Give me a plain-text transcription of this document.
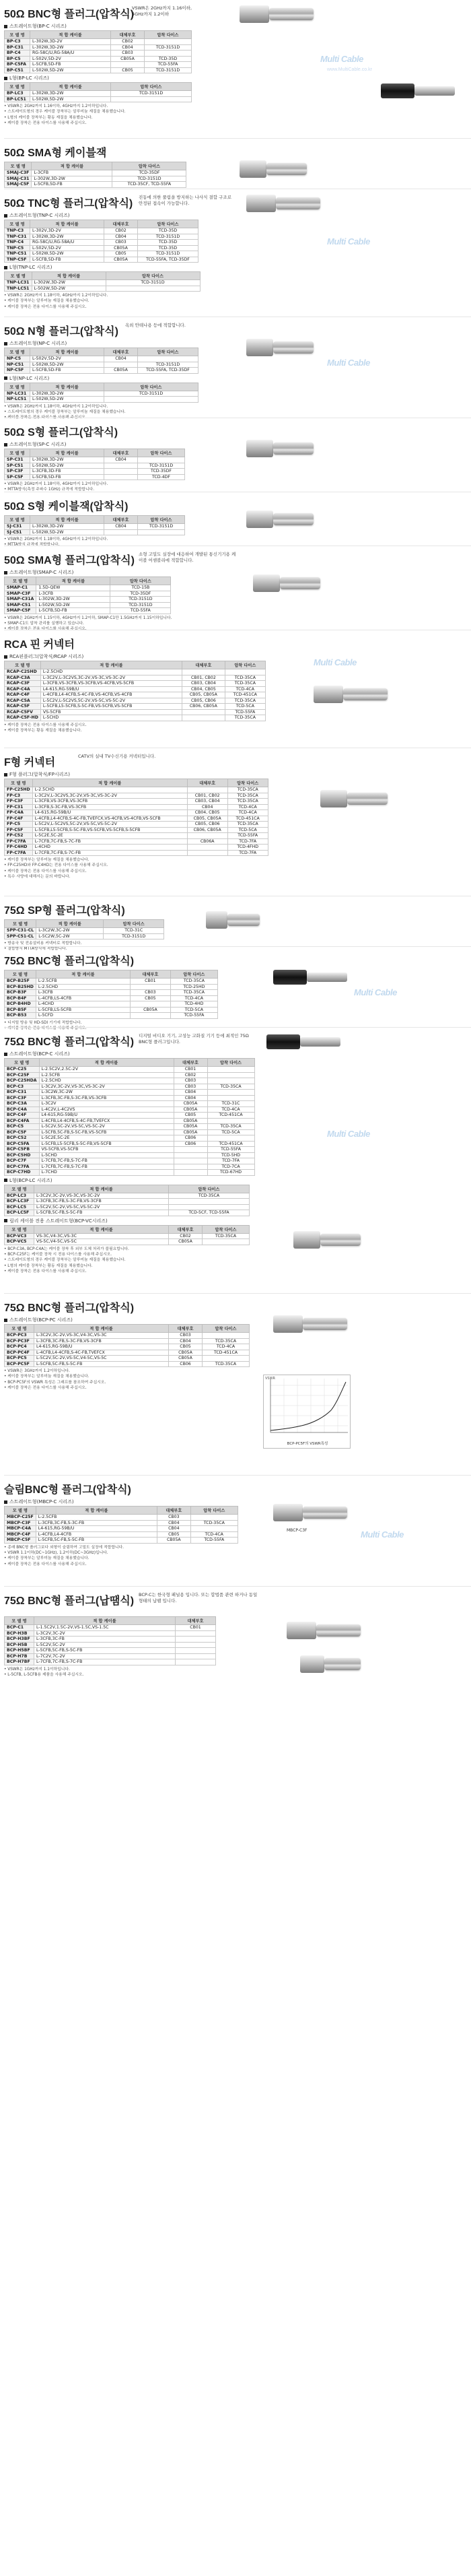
50Ω BNC형 플러그(압착식)
VSWR은 2GHz까지 1.16이하,
4GHz까지 1.2이하
스트레이트형(BP-C 시리즈)
모 델 명	적 합 케이블	대체부호	압착 다이스
BP-C3	L-302W,3D-2V	CB02	
BP-C31	L-302W,3D-2W	CB04	TCD-3151D
BP-C4	RG-58C/U,RG-58A/U	CB03	
BP-C5	L-502V,5D-2V	CB05A	TCD-35D
BP-C5FA	L-5CFB,5D-FB		TCD-55FA
BP-C51	L-502W,5D-2W	CB05	TCD-3151D
L형(BP-LC 시리즈)
모 델 명	적 합 케이블	압착 다이스
BP-LC3	L-302W,3D-2W	TCD-3151D
BP-LC51	L-502W,5D-2W	
• VSWR은 2GHz까지 1.16이하, 4GHz까지 1.2이하입니다.
• 스트레이트형의 경우 케이블 장착부는 알루미늄 재질을 채용했습니다.
• L형의 케이블 장착부는 황동 재질을 채용했습니다.
• 케이블 장착은 전용 다이스를 사용해 주십시오.
Multi Cable
www.MultiCable.co.kr
50Ω SMA형 케이블잭
모 델 명	적 합 케이블	압착 다이스
SMAJ-C3F	L-3CFB	TCD-35DF
SMAJ-C31	L-302W,3D-2W	TCD-3151D
SMAJ-C5F	L-5CFB,5D-FB	TCD-35CF, TCD-55FA
50Ω TNC형 플러그(압착식)
진동에 의한 풀림을 방지하는 나사식 결합 구조로 안정된 접속이 가능합니다.
스트레이트형(TNP-C 시리즈)
모 델 명	적 합 케이블	대체부호	압착 다이스
TNP-C3	L-302V,3D-2V	CB02	TCD-35D
TNP-C31	L-302W,3D-2W	CB04	TCD-3151D
TNP-C4	RG-58C/U,RG-58A/U	CB03	TCD-35D
TNP-C5	L-502V,5D-2V	CB05A	TCD-35D
TNP-C51	L-502W,5D-2W	CB05	TCD-3151D
TNP-C5F	L-5CFB,5D-FB	CB05A	TCD-55FA, TCD-35DF
L형(TNP-LC 시리즈)
모 델 명	적 합 케이블	압착 다이스
TNP-LC31	L-302W,3D-2W	TCD-3151D
TNP-LC51	L-502W,5D-2W	
• VSWR은 2GHz까지 1.18이하, 4GHz까지 1.2이하입니다.
• 케이블 장착부는 알루미늄 재질을 채용했습니다.
• 케이블 장착은 전용 다이스를 사용해 주십시오.
Multi Cable
50Ω N형 플러그(압착식)
옥외 안테나용 등에 적합합니다.
스트레이트형(NP-C 시리즈)
모 델 명	적 합 케이블	대체부호	압착 다이스
NP-C5	L-502V,5D-2V	CB04	
NP-C51	L-502W,5D-2W		TCD-3151D
NP-C5F	L-5CFB,5D-FB	CB05A	TCD-55FA, TCD-35DF
L형(NP-LC 시리즈)
모 델 명	적 합 케이블	압착 다이스
NP-LC31	L-302W,3D-2W	TCD-3151D
NP-LC51	L-502W,5D-2W	
• VSWR은 2GHz까지 1.18이하, 4GHz까지 1.2이하입니다.
• 스트레이트형의 경우 케이블 장착부는 알루미늄 재질을 채용했습니다.
• 케이블 장착은 전용 다이스를 사용해 주십시오.
Multi Cable
50Ω S형 플러그(압착식)
스트레이트형(SP-C 시리즈)
모 델 명	적 합 케이블	대체부호	압착 다이스
SP-C31	L-302W,3D-2W	CB04	
SP-C51	L-502W,5D-2W		TCD-3151D
SP-C3F	L-3CFB,3D-FB		TCD-35DF
SP-C5F	L-5CFB,5D-FB		TCD-4DF
• VSWR은 2GHz까지 1.18이하, 4GHz까지 1.2이하입니다.
• MTTA방식(측정 주파수 1GHz) 규격에 적합합니다.
50Ω S형 케이블잭(압착식)
모 델 명	적 합 케이블	대체부호	압착 다이스
SJ-C31	L-302W,3D-2W	CB04	TCD-3151D
SJ-C51	L-502W,5D-2W		
• VSWR은 2GHz까지 1.18이하, 4GHz까지 1.2이하입니다.
• MTTA방식 규격에 적합합니다.
50Ω SMA형 플러그(압착식)
소형 고밀도 실장에 대응하여 개발된 통신기기용 케이블 어셈블리에 적합합니다.
스트레이트형(SMAP-C 시리즈)
모 델 명	적 합 케이블	압착 다이스
SMAP-C1	1.5D-QEW	TCD-15B
SMAP-C3F	L-3CFB	TCD-35DF
SMAP-C31A	L-302W,3D-2W	TCD-3151D
SMAP-C51	L-502W,5D-2W	TCD-3151D
SMAP-C5F	L-5CFB,5D-FB	TCD-55FA
• VSWR은 2GHz까지 1.15이하, 4GHz까지 1.2이하, SMAP-C1만 1.5GHz까지 1.15이하입니다.
• SMAP-C1도 압착 관리를 실행하고 있습니다.
• 케이블 장착은 전용 다이스를 사용해 주십시오.
RCA 핀 커넥터
RCA핀플러그(압착식/RCAP 시리즈)
모 델 명	적 합 케이블	대체부호	압착 다이스
RCAP-C2SHD	L-2.5CHD		
RCAP-C3A	L-3C2V,L-3C2VS,3C-2V,VS-3C,VS-3C-2V	CB01, CB02	TCD-35CA
RCAP-C3F	L-3CFB,VS-3CFB,VS-3CFB,VS-4CFB,VS-5CFB	CB03, CB04	TCD-35CA
RCAP-C4A	L4-615,RG-59B/U	CB04, CB05	TCD-4CA
RCAP-C4F	L-4CFB,L4-4CFB,S-4C-FB,VS-4CFB,VS-4CFB	CB05, CB05A	TCD-451CA
RCAP-C5A	L-5C2V,L-5C2VS,5C-2V,VS-5C,VS-5C-2V	CB05, CB06	TCD-35CA
RCAP-C5F	L-5CFB,L5-5CFB,S-5C-FB,VS-5CFB,VS-5CFB	CB06, CB05A	TCD-5CA
RCAP-C5FV	VS-5CFB		TCD-55FA
RCAP-C5F-HD	L-5CHD		TCD-35CA
• 케이블 장착은 전용 다이스를 사용해 주십시오.
• 케이블 장착부는 황동 재질을 채용했습니다.
Multi Cable
F형 커넥터
CATV의 실내 TV수신기용 커넥터입니다.
F형 플러그(압착식/FP시리즈)
모 델 명	적 합 케이블	대체부호	압착 다이스
FP-C25HD	L-2.5CHD		TCD-35CA
FP-C3	L-3C2V,L-3C2VS,3C-2V,VS-3C,VS-3C-2V	CB01, CB02	TCD-35CA
FP-C3F	L-3CFB,VS-3CFB,VS-3CFB	CB03, CB04	TCD-35CA
FP-C31	L-3CFB,S-3C-FB,VS-3CFB	CB04	TCD-4CA
FP-C4A	L4-615,RG-59B/U	CB04, CB05	TCD-4CA
FP-C4F	L-4CFB,L4-4CFB,S-4C-FB,TVEFCX,VS-4CFB,VS-4CFB,VS-5CFB	CB05, CB05A	TCD-451CA
FP-C5	L-5C2V,L-5C2VS,5C-2V,VS-5C,VS-5C-2V	CB05, CB06	TCD-35CA
FP-C5F	L-5CFB,L5-5CFB,S-5C-FB,VS-5CFB,VS-5CFB,S-5CFB	CB06, CB05A	TCD-5CA
FP-C52	L-5C2E,5C-2E		TCD-55FA
FP-C7FA	L-7CFB,7C-FB,S-7C-FB	CB06A	TCD-7FA
FP-C4HD	L-4CHD		TCD-4FHD
FP-C7FA	L-7CFB,7C-FB,S-7C-FB		TCD-7FA
• 케이블 장착부는 알루미늄 재질을 채용했습니다.
• FP-C25HD와 FP-C4HD는 전용 다이스를 사용해 주십시오.
• 케이블 장착은 전용 다이스를 사용해 주십시오.
• 특수 사양에 대해서는 문의 바랍니다.
75Ω SP형 플러그(압착식)
모 델 명	적 합 케이블	압착 다이스
SPP-C31-CL	L-3C2W,3C-2W	TCD-31C
SPP-C51-CL	L-5C2W,5C-2W	TCD-3151D
• 방송국 및 전송설비용 커넥터로 적합합니다.
• 결합방식 MTTA방식에 적합합니다.
75Ω BNC형 플러그(압착식)
모 델 명	적 합 케이블	대체부호	압착 다이스
BCP-B25F	L-2.5CFB	CB01	TCD-35CA
BCP-B25HD	L-2.5CHD		TCD-25HD
BCP-B3F	L-3CFB	CB03	TCD-35CA
BCP-B4F	L-4CFB,LS-4CFB	CB05	TCD-4CA
BCP-B4HD	L-4CHD		TCD-4HD
BCP-B5F	L-5CFB,LS-5CFB	CB05A	TCD-5CA
BCP-B53	L-5CFD		TCD-55FA
• 디지털 방송 및 HD-SDI 기기에 적합합니다.
• 케이블 장착은 전용 다이스를 사용해 주십시오.
Multi Cable
75Ω BNC형 플러그(압착식)
디지털 비디오 기기, 고성능 고화질 기기 등에 최적인 75Ω BNC형 플러그입니다.
스트레이트형(BCP-C 시리즈)
모 델 명	적 합 케이블	대체부호	압착 다이스
BCP-C25	L-2.5C2V,2.5C-2V	CB01	
BCP-C25F	L-2.5CFB	CB02	
BCP-C25HDA	L-2.5CHD	CB03	
BCP-C3	L-3C2V,3C-2V,VS-3C,VS-3C-2V	CB03	TCD-35CA
BCP-C31	L-3C2W,3C-2W	CB04	
BCP-C3F	L-3CFB,3C-FB,S-3C-FB,VS-3CFB	CB04	
BCP-C3A	L-3C2V	CB05A	TCD-31C
BCP-C4A	L-4C2V,L-4C2VS	CB05A	TCD-4CA
BCP-C4F	L4-615,RG-59B/U	CB05	TCD-451CA
BCP-C4FA	L-4CFB,L4-4CFB,S-4C-FB,TVEFCX	CB05A	
BCP-C5	L-5C2V,5C-2V,VS-5C,VS-5C-2V	CB05A	TCD-35CA
BCP-C5F	L-5CFB,5C-FB,S-5C-FB,VS-5CFB	CB05A	TCD-5CA
BCP-C52	L-5C2E,5C-2E	CB06	
BCP-C5FA	L-5CFB,L5-5CFB,S-5C-FB,VS-5CFB	CB06	TCD-451CA
BCP-C5FB	VS-5CFB,VS-5CFB		TCD-55FA
BCP-C5HD	L-5CHD		TCD-5HD
BCP-C7F	L-7CFB,7C-FB,S-7C-FB		TCD-7FA
BCP-C7FA	L-7CFB,7C-FB,S-7C-FB		TCD-7CA
BCP-C7HD	L-7CHD		TCD-67HD
L형(BCP-LC 시리즈)
모 델 명	적 합 케이블	압착 다이스
BCP-LC3	L-3C2V,3C-2V,VS-3C,VS-3C-2V	TCD-35CA
BCP-LC3F	L-3CFB,3C-FB,S-3C-FB,VS-3CFB	
BCP-LC5	L-5C2V,5C-2V,VS-5C,VS-5C-2V	
BCP-LC5F	L-5CFB,5C-FB,S-5C-FB	TCD-5CF, TCD-55FA
릴리 케이블 전용 스트레이트형(BCP-VC시리즈)
모 델 명	적 합 케이블	대체부호	압착 다이스
BCP-VC3	VS-3C,V4-3C,VS-3C	CB02	TCD-35CA
BCP-VC5	VS-5C,V4-5C,VS-5C	CB05A	
• BCP-C3A, BCP-C4A는 케이블 장착 후 외부 도체 처리가 불필요합니다.
• BCP-C25F는 케이블 장착 시 전용 다이스를 사용해 주십시오.
• 스트레이트형의 경우 케이블 장착부는 알루미늄 재질을 채용했습니다.
• L형의 케이블 장착부는 황동 재질을 채용했습니다.
• 케이블 장착은 전용 다이스를 사용해 주십시오.
Multi Cable
75Ω BNC형 플러그(압착식)
스트레이트형(BCP-PC 시리즈)
모 델 명	적 합 케이블	대체부호	압착 다이스
BCP-PC3	L-3C2V,3C-2V,VS-3C,V4-3C,VS-3C	CB03	
BCP-PC3F	L-3CFB,3C-FB,S-3C-FB,VS-3CFB	CB04	TCD-35CA
BCP-PC4	L4-615,RG-59B/U	CB05	TCD-4CA
BCP-PC4F	L-4CFB,L4-4CFB,S-4C-FB,TVEFCX	CB05A	TCD-451CA
BCP-PC5	L-5C2V,5C-2V,VS-5C,V4-5C,VS-5C	CB05A	
BCP-PC5F	L-5CFB,5C-FB,S-5C-FB	CB06	TCD-35CA
• VSWR은 3GHz까지 1.2이하입니다.
• 케이블 장착부는 알루미늄 재질을 채용했습니다.
• BCP-PC5F의 VSWR 특성은 그래프를 참조하여 주십시오.
• 케이블 장착은 전용 다이스를 사용해 주십시오.
VSWR
BCP-PC5F의 VSWR특성
슬림BNC형 플러그(압착식)
스트레이트형(MBCP-C 시리즈)
모 델 명	적 합 케이블	대체부호	압착 다이스
MBCP-C25F	L-2.5CFB	CB03	
MBCP-C3F	L-3CFB,3C-FB,S-3C-FB	CB04	TCD-35CA
MBCP-C4A	L4-615,RG-59B/U	CB04	
MBCP-C4F	L-4CFB,L4-4CFB	CB05	TCD-4CA
MBCP-C5F	L-5CFB,5C-FB,S-5C-FB	CB05A	TCD-55FA
• 종래 BNC형 플러그보다 외형이 슬림하여 고밀도 실장에 적합합니다.
• VSWR 1.1이하(DC~1GHz), 1.2이하(DC~3GHz)입니다.
• 케이블 장착부는 알루미늄 재질을 채용했습니다.
• 케이블 장착은 전용 다이스를 사용해 주십시오.
MBCP-C3F	Multi Cable
75Ω BNC형 플러그(납땜식)
BCP-C는 한국형 패널용 입니다. 또는 합법품 관련 하거나 동일 형태의 납땜 입니다.
모 델 명	적 합 케이블	대체부호
BCP-C1	L-1.5C2V,1.5C-2V,VS-1.5C,VS-1.5C	CB01
BCP-H3B	L-3C2V,3C-2V	
BCP-H3BF	L-3CFB,3C-FB	
BCP-H5B	L-5C2V,5C-2V	
BCP-H5BF	L-5CFB,5C-FB,S-5C-FB	
BCP-H7B	L-7C2V,7C-2V	
BCP-H7BF	L-7CFB,7C-FB,S-7C-FB	
• VSWR은 1GHz까지 1.1이하입니다.
• L-5CFB, L-5CFB용 제품을 사용해 주십시오.
